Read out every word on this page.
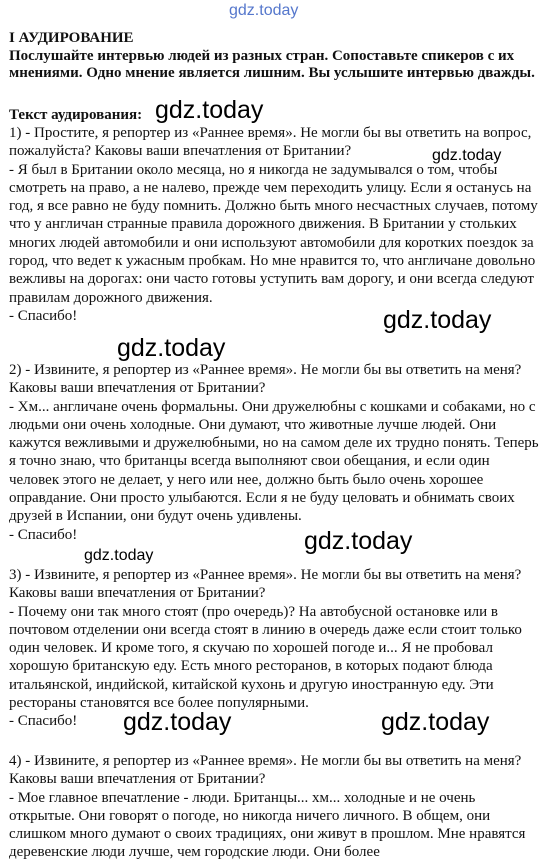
gdz.today
I АУДИРОВАНИЕ
Послушайте интервью людей из разных стран. Сопоставьте спикеров с их мнениями. Одно мнение является лишним. Вы услышите интервью дважды.
Текст аудирования:

1) - Простите, я репортер из «Раннее время». Не могли бы вы ответить на вопрос, пожалуйста? Каковы ваши впечатления от Британии?

- Я был в Британии около месяца, но я никогда не задумывался о том, чтобы смотреть на право, а не налево, прежде чем переходить улицу. Если я останусь на год, я все равно не буду помнить. Должно быть много несчастных случаев, потому что у англичан странные правила дорожного движения. В Британии у стольких многих людей автомобили и они используют автомобили для коротких поездок за город, что ведет к ужасным пробкам. Но мне нравится то, что англичане довольно вежливы на дорогах: они часто готовы уступить вам дорогу, и они всегда следуют правилам дорожного движения.

- Спасибо!

2) - Извините, я репортер из «Раннее время». Не могли бы вы ответить на меня? Каковы ваши впечатления от Британии?

- Хм... англичане очень формальны. Они дружелюбны с кошками и собаками, но с людьми они очень холодные. Они думают, что животные лучше людей. Они кажутся вежливыми и дружелюбными, но на самом деле их трудно понять. Теперь я точно знаю, что британцы всегда выполняют свои обещания, и если один человек этого не делает, у него или нее, должно быть было очень хорошее оправдание. Они просто улыбаются. Если я не буду целовать и обнимать своих друзей в Испании, они будут очень удивлены.

- Спасибо!

3) - Извините, я репортер из «Раннее время». Не могли бы вы ответить на меня? Каковы ваши впечатления от Британии?

- Почему они так много стоят (про очередь)? На автобусной остановке или в почтовом отделении они всегда стоят в линию в очередь даже если стоит только один человек. И кроме того, я скучаю по хорошей погоде и... Я не пробовал хорошую британскую еду. Есть много ресторанов, в которых подают блюда итальянской, индийской, китайской кухонь и другую иностранную еду. Эти рестораны становятся все более популярными.

- Спасибо!

4) - Извините, я репортер из «Раннее время». Не могли бы вы ответить на меня? Каковы ваши впечатления от Британии?

- Мое главное впечатление - люди. Британцы... хм... холодные и не очень открытые. Они говорят о погоде, но никогда ничего личного. В общем, они слишком много думают о своих традициях, они живут в прошлом. Мне нравятся деревенские люди лучше, чем городские люди. Они более

gdz.today
gdz.today
gdz.today
gdz.today
gdz.today
gdz.today
gdz.today	gdz.today
